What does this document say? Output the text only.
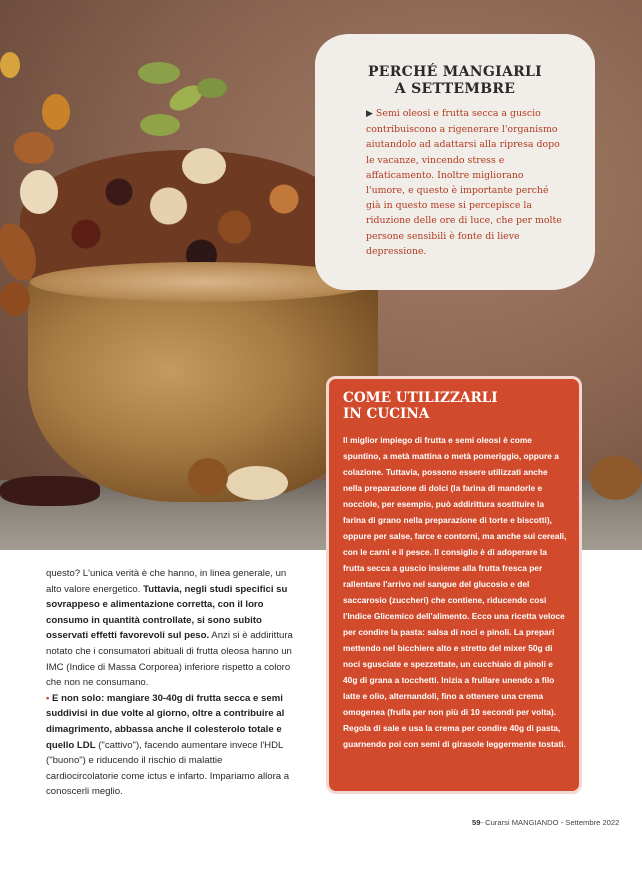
PERCHÉ MANGIARLI
A SETTEMBRE
▶ Semi oleosi e frutta secca a guscio contribuiscono a rigenerare l'organismo aiutandolo ad adattarsi alla ripresa dopo le vacanze, vincendo stress e affaticamento. Inoltre migliorano l'umore, e questo è importante perché già in questo mese si percepisce la riduzione delle ore di luce, che per molte persone sensibili è fonte di lieve depressione.
COME UTILIZZARLI
IN CUCINA
Il miglior impiego di frutta e semi oleosi è come spuntino, a metà mattina o metà pomeriggio, oppure a colazione. Tuttavia, possono essere utilizzati anche nella preparazione di dolci (la farina di mandorle e nocciole, per esempio, può addirittura sostituire la farina di grano nella preparazione di torte e biscotti), oppure per salse, farce e contorni, ma anche sui cereali, con le carni e il pesce. Il consiglio è di adoperare la frutta secca a guscio insieme alla frutta fresca per rallentare l'arrivo nel sangue del glucosio e del saccarosio (zuccheri) che contiene, riducendo così l'Indice Glicemico dell'alimento. Ecco una ricetta veloce per condire la pasta: salsa di noci e pinoli. La prepari mettendo nel bicchiere alto e stretto del mixer 50g di noci sgusciate e spezzettate, un cucchiaio di pinoli e 40g di grana a tocchetti. Inizia a frullare unendo a filo latte e olio, alternandoli, fino a ottenere una crema omogenea (frulla per non più di 10 secondi per volta). Regola di sale e usa la crema per condire 40g di pasta, guarnendo poi con semi di girasole leggermente tostati.
questo? L'unica verità è che hanno, in linea generale, un alto valore energetico. Tuttavia, negli studi specifici su sovrappeso e alimentazione corretta, con il loro consumo in quantità controllate, si sono subito osservati effetti favorevoli sul peso. Anzi si è addirittura notato che i consumatori abituali di frutta oleosa hanno un IMC (Indice di Massa Corporea) inferiore rispetto a coloro che non ne consumano.
• E non solo: mangiare 30-40g di frutta secca e semi suddivisi in due volte al giorno, oltre a contribuire al dimagrimento, abbassa anche il colesterolo totale e quello LDL ("cattivo"), facendo aumentare invece l'HDL ("buono") e riducendo il rischio di malattie cardiocircolatorie come ictus e infarto. Impariamo allora a conoscerli meglio.
59- Curarsi MANGIANDO - Settembre 2022
